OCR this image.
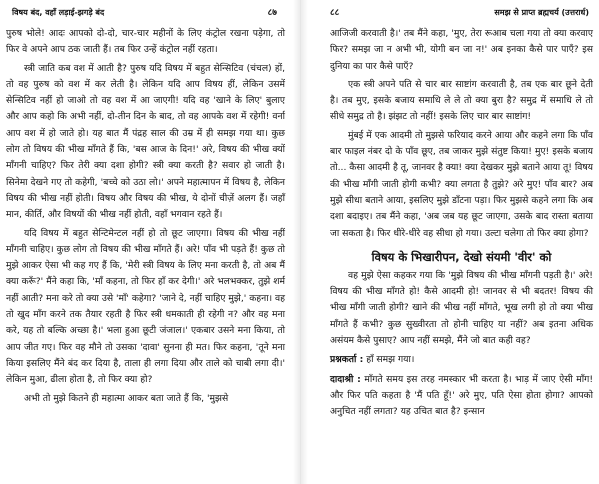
विषय बंद, वहाँ लड़ाई-झगड़े बंद	८७

पुरुष भोले! आदः आपको दो-दो, चार-चार महीनों के लिए कंट्रोल रखना पड़ेगा, तो फिर वे अपने आप ठक जाती हैं। तब फिर उन्हें कंट्रोल नहीं रहता।

स्त्री जाति कब वश में आती है? पुरुष यदि विषय में बहुत सेन्सिटिव (चंचल) हों, तो वह पुरुष को वश में कर लेती है। लेकिन यदि आप विषय हीं, लेकिन उसमें सेन्सिटिव नहीं हो जाओ तो वह वश में आ जाएगी! यदि वह 'खाने के लिए' बुलाए और आप कहो कि अभी नहीं, दो-तीन दिन के बाद, तो वह आपके वश में रहेगी! वर्ना आप वश में हो जाते हो। यह बात मैं पंद्रह साल की उम्र में ही समझ गया था। कुछ लोग तो विषय की भीख माँगते हैं कि, 'बस आज के दिन!' अरे, विषय की भीख क्यों माँगनी चाहिए? फिर तेरी क्या दशा होगी? स्त्री क्या करती है? सवार हो जाती है। सिनेमा देखने गए तो कहेगी, 'बच्चे को उठा लो।' अपने महात्मापन में विषय है, लेकिन विषय की भीख नहीं होती। विषय और विषय की भीख, ये दोनों चीज़ें अलग हैं। जहाँ मान, कीर्ति, और विषयों की भीख नहीं होती, वहाँ भगवान रहते हैं।

यदि विषय में बहुत सेन्टिमेन्टल नहीं हो तो छूट जाएगा। विषय की भीख नहीं माँगनी चाहिए। कुछ लोग तो विषय की भीख माँगते हैं। अरे! पाँव भी पड़ते हैं! कुछ तो मुझे आकर ऐसा भी कह गए हैं कि, 'मेरी स्त्री विषय के लिए मना करती है, तो अब मैं क्या करूँ?' मैंने कहा कि, 'माँ कहना, तो फिर हाँ कर देगी।' अरे भलभक्कर, तुझे शर्म नहीं आती? मना करे तो क्या उसे 'माँ' कहेगा? 'जाने दे, नहीं चाहिए मुझे,' कहना। वह तो खुद माँग करने तक तैयार रहती है फिर स्त्री धमकाती ही रहेगी न? और वह मना करे, यह तो बल्कि अच्छा है।' भला हुआ छूटी जंजाल।' एकबार उसने मना किया, तो आप जीत गए। फिर वह मौने तो उसका 'दावा' सुनना ही मत। फिर कहना, 'तूने मना किया इसलिए मैंने बंद कर दिया है, ताला ही लगा दिया और ताले को चाबी लगा दी।' लेकिन मुआ, ढीला होता है, तो फिर क्या हो?

अभी तो मुझे कितने ही महात्मा आकर बता जाते हैं कि, 'मुझसे

८८	समझ से प्राप्त ब्रह्मचर्य (उत्तरार्ध)

आजिजी करवाती है।' तब मैंने कहा, 'मुए, तेरा रूआब चला गया तो क्या करवाए फिर? समझ जा न अभी भी, योगी बन जा न!' अब इनका कैसे पार पाएँ? इस दुनिया का पार कैसे पाएँ?

एक स्त्री अपने पति से चार बार साष्टांग करवाती है, तब एक बार छूने देती है। तब मुए, इसके बजाय समाधि ले ले तो क्या बुरा है? समुद्र में समाधि ले तो सीधे समुद्र तो है। झंझट तो नहीं! इसके लिए चार बार साष्टांग!

मुंबई में एक आदमी तो मुझसे फरियाद करने आया और कहने लगा कि पाँव बार फाइल नंबर दो के पाँव छूए, तब जाकर मुझे संतुष्ट किया! मुए! इसके बजाय तो... कैसा आदमी है तू, जानवर है क्या! क्या देखकर मुझे बताने आया तू! विषय की भीख माँगी जाती होगी कभी? क्या लगता है तुझे? अरे मुए! पाँव बार? अब मुझे सीधा बताने आया, इसलिए मुझे डाँटना पड़ा। फिर मुझसे कहने लगा कि अब दशा बदाइए। तब मैंने कहा, 'अब जब यह छूट जाएगा, उसके बाद रास्ता बताया जा सकता है। फिर धीरे-धीरे वह सीधा हो गया। उल्टा चलेगा तो फिर क्या होगा?

विषय के भिखारीपन, देखो संयमी 'वीर' को

वह मुझे ऐसा कहकर गया कि 'मुझे विषय की भीख माँगनी पड़ती है।' अरे! विषय की भीख माँगते हो! कैसे आदमी हो! जानवर से भी बदतर! विषय की भीख माँगी जाती होगी? खाने की भीख नहीं माँगते, भूख लगी हो तो क्या भीख माँगते हैं कभी? कुछ सुख्वीरता तो होनी चाहिए या नहीं? अब इतना अधिक असंयम कैसे पुसाए? आप नहीं समझे, मैंने जो बात कही वह?

प्रश्नकर्ता : हाँ समझ गया।

दादाश्री : माँगते समय इस तरह नमस्कार भी करता है। भाड़ में जाए ऐसी माँग! और फिर पति कहता है 'मैं पति हूँ!' अरे मुए, पति ऐसा होता होगा? आपको अनुचित नहीं लगता? यह उचित बात है? इन्सान
